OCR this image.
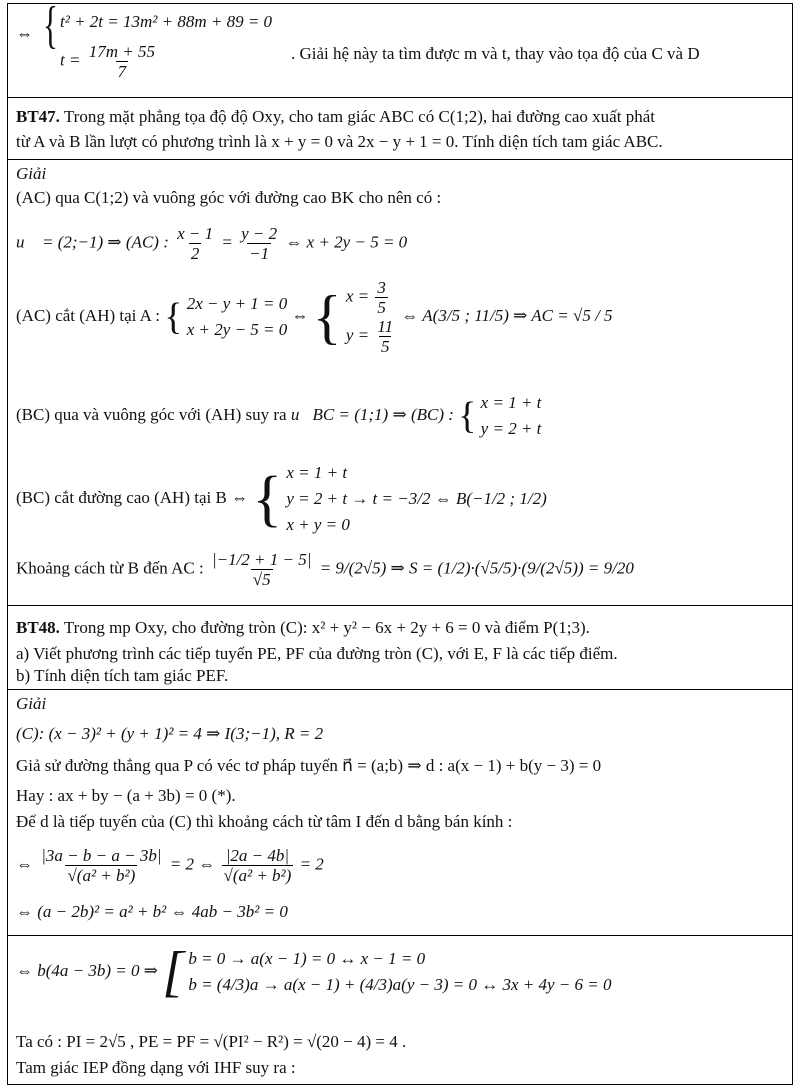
⇔ { t² + 2t = 13m² + 88m + 89 = 0
$t = \frac{17m + 55}{7}$	. Giải hệ này ta tìm được m và t, thay vào tọa độ của C và D
BT47. Trong mặt phẳng tọa độ độ Oxy, cho tam giác ABC có C(1;2), hai đường cao xuất phát
từ A và B lần lượt có phương trình là x + y = 0 và 2x − y + 1 = 0. Tính diện tích tam giác ABC.
Giải
(AC) qua C(1;2) và vuông góc với đường cao BK cho nên có :
u⃗ = (2;−1) ⇒ (AC) : $\frac{x - 1}{2} = \frac{y - 2}{-1}$ ⇔ x + 2y − 5 = 0
(AC) cắt (AH) tại A : { 2x − y + 1 = 0
x + 2y − 5 = 0
⇔ { $x = \frac{3}{5}$
$y = \frac{11}{5}$
⇔ A(3/5 ; 11/5) ⇒ AC = √5 / 5
(BC) qua và vuông góc với (AH) suy ra u⃗BC = (1;1) ⇒ (BC) : { x = 1 + t
y = 2 + t
(BC) cắt đường cao (AH) tại B ⇔ { x = 1 + t
y = 2 + t → t = −3/2 ⇔ B(−1/2 ; 1/2)
x + y = 0
Khoảng cách từ B đến AC : $\frac{|-1/2 + 1 - 5|}{√5} = 9/(2√5)$ ⇒ S = (1/2)·(√5/5)·(9/(2√5)) = 9/20
BT48. Trong mp Oxy, cho đường tròn (C): x² + y² − 6x + 2y + 6 = 0 và điểm P(1;3).
a) Viết phương trình các tiếp tuyến PE, PF của đường tròn (C), với E, F là các tiếp điểm.
b) Tính diện tích tam giác PEF.
Giải
(C): (x − 3)² + (y + 1)² = 4 ⇒ I(3;−1), R = 2
Giả sử đường thẳng qua P có véc tơ pháp tuyến n⃗ = (a;b) ⇒ d : a(x − 1) + b(y − 3) = 0
Hay : ax + by − (a + 3b) = 0 (*).
Để d là tiếp tuyến của (C) thì khoảng cách từ tâm I đến d bằng bán kính :
⇔ $\frac{|3a - b - a - 3b|}{\text{√(a² + b²)}} = 2$ ⇔ $\frac{|2a - 4b|}{\text{√(a² + b²)}} = 2$
⇔ (a − 2b)² = a² + b² ⇔ 4ab − 3b² = 0
⇔ b(4a − 3b) = 0 ⇒ [ b = 0 → a(x − 1) = 0 ↔ x − 1 = 0
b = (4/3)a → a(x − 1) + (4/3)a(y − 3) = 0 ↔ 3x + 4y − 6 = 0
Ta có : PI = 2√5 , PE = PF = √(PI² − R²) = √(20 − 4) = 4 .
Tam giác IEP đồng dạng với IHF suy ra :
